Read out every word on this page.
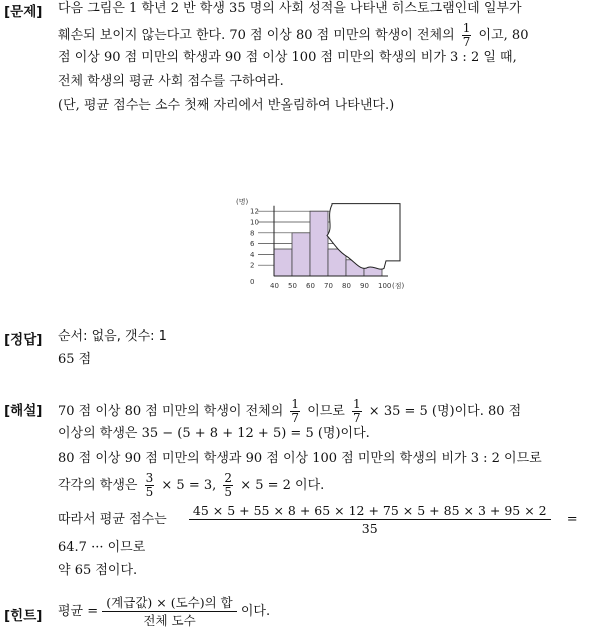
[문제] 다음 그림은 1 학년 2 반 학생 35 명의 사회 성적을 나타낸 히스토그램인데 일부가
훼손되 보이지 않는다고 한다. 70 점 이상 80 점 미만의 학생이 전체의 $\frac{1}{7}$ 이고, 80
점 이상 90 점 미만의 학생과 90 점 이상 100 점 미만의 학생의 비가 3 : 2 일 때,
전체 학생의 평균 사회 점수를 구하여라.
(단, 평균 점수는 소수 첫째 자리에서 반올림하여 나타낸다.)
2
4
6
8
10
12
0 40 50 60 70 80 90 100
(명)
(점)
[정답] 순서: 없음, 갯수: 1
65 점
[해설] 70 점 이상 80 점 미만의 학생이 전체의 $\frac{1}{7}$ 이므로 $\frac{1}{7} \times 35 = 5$ (명)이다. 80 점
이상의 학생은 35 − (5 + 8 + 12 + 5) = 5 (명)이다.
80 점 이상 90 점 미만의 학생과 90 점 이상 100 점 미만의 학생의 비가 3 : 2 이므로
각각의 학생은 $\frac{3}{5} \times 5 = 3$, $\frac{2}{5} \times 5 = 2$ 이다.
따라서 평균 점수는 $\frac{45 \times 5 + 55 \times 8 + 65 \times 12 + 75 \times 5 + 85 \times 3 + 95 \times 2}{35}$ =
64.7 ··· 이므로
약 65 점이다.
[힌트] 평균 = $\frac{\text{(계급값) × (도수)의 합}}{\text{전체 도수}}$ 이다.
